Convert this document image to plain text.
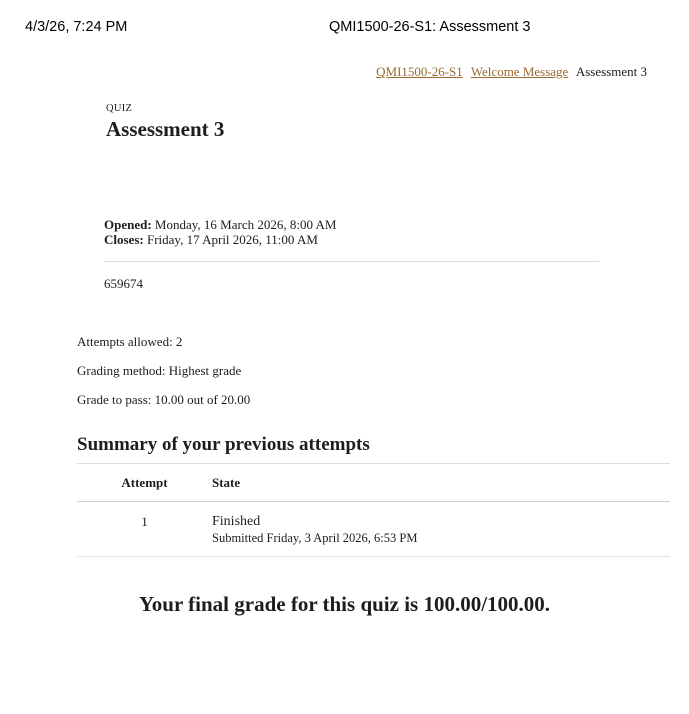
4/3/26, 7:24 PM	QMI1500-26-S1: Assessment 3
QMI1500-26-S1 Welcome Message Assessment 3
QUIZ
Assessment 3
Opened: Monday, 16 March 2026, 8:00 AM
Closes: Friday, 17 April 2026, 11:00 AM
659674

Attempts allowed: 2

Grading method: Highest grade

Grade to pass: 10.00 out of 20.00

Summary of your previous attempts
Attempt	State
1	Finished
Submitted Friday, 3 April 2026, 6:53 PM
Your final grade for this quiz is 100.00/100.00.
